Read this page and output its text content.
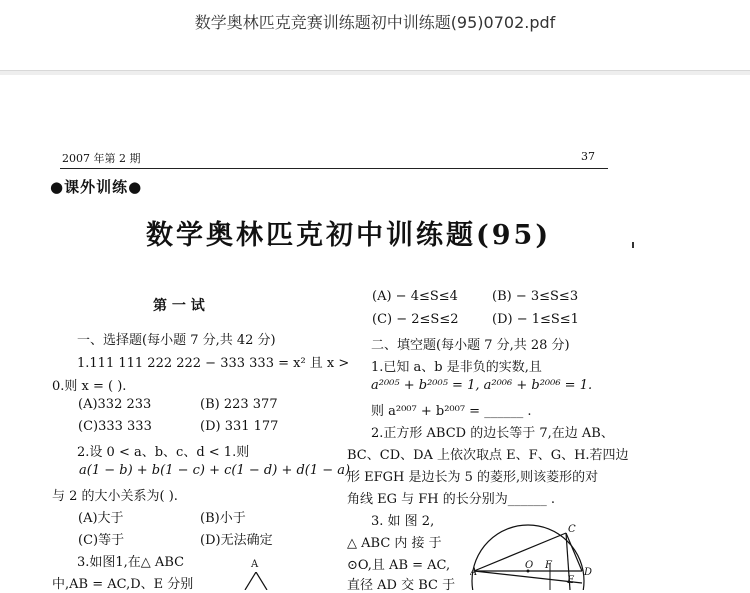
数学奥林匹克竞赛训练题初中训练题(95)0702.pdf
2007 年第 2 期	37
●课外训练●
数学奥林匹克初中训练题(95)
第 一 试
一、选择题(每小题 7 分,共 42 分)
1.111 111 222 222 − 333 333 = x² 且 x >
0.则 x = ( ).
(A)332 233	(B) 223 377
(C)333 333	(D) 331 177
2.设 0 < a、b、c、d < 1.则
a(1 − b) + b(1 − c) + c(1 − d) + d(1 − a)
与 2 的大小关系为( ).
(A)大于	(B)小于
(C)等于	(D)无法确定
3.如图1,在△ ABC
中,AB = AC,D、E 分别
A
(A) − 4≤S≤4	(B) − 3≤S≤3
(C) − 2≤S≤2	(D) − 1≤S≤1
二、填空题(每小题 7 分,共 28 分)
1.已知 a、b 是非负的实数,且
a²⁰⁰⁵ + b²⁰⁰⁵ = 1, a²⁰⁰⁶ + b²⁰⁰⁶ = 1.
则 a²⁰⁰⁷ + b²⁰⁰⁷ = ______ .
2.正方形 ABCD 的边长等于 7,在边 AB、
BC、CD、DA 上依次取点 E、F、G、H.若四边
形 EFGH 是边长为 5 的菱形,则该菱形的对
角线 EG 与 FH 的长分别为______ .
3. 如 图 2,
△ ABC 内 接 于
⊙O,且 AB = AC,
直径 AD 交 BC 于
C
A
O F
D
E
